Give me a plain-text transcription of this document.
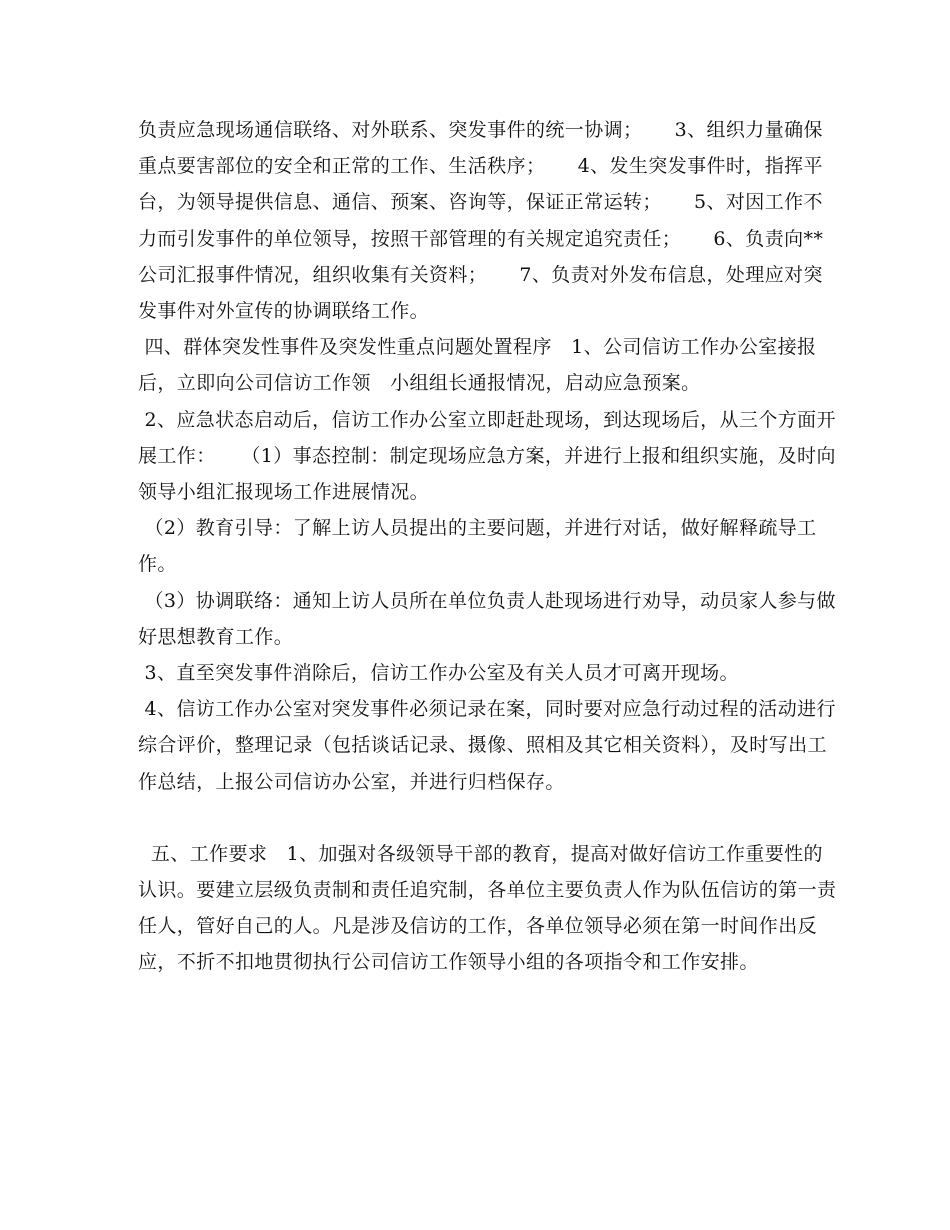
负责应急现场通信联络、对外联系、突发事件的统一协调；     3、组织力量确保重点要害部位的安全和正常的工作、生活秩序；     4、发生突发事件时，指挥平台，为领导提供信息、通信、预案、咨询等，保证正常运转；     5、对因工作不力而引发事件的单位领导，按照干部管理的有关规定追究责任；     6、负责向**公司汇报事件情况，组织收集有关资料；     7、负责对外发布信息，处理应对突发事件对外宣传的协调联络工作。

四、群体突发性事件及突发性重点问题处置程序   1、公司信访工作办公室接报后，立即向公司信访工作领   小组组长通报情况，启动应急预案。

2、应急状态启动后，信访工作办公室立即赶赴现场，到达现场后，从三个方面开展工作：    （1）事态控制：制定现场应急方案，并进行上报和组织实施，及时向领导小组汇报现场工作进展情况。

（2）教育引导：了解上访人员提出的主要问题，并进行对话，做好解释疏导工作。

（3）协调联络：通知上访人员所在单位负责人赴现场进行劝导，动员家人参与做好思想教育工作。

3、直至突发事件消除后，信访工作办公室及有关人员才可离开现场。

4、信访工作办公室对突发事件必须记录在案，同时要对应急行动过程的活动进行综合评价，整理记录（包括谈话记录、摄像、照相及其它相关资料），及时写出工作总结，上报公司信访办公室，并进行归档保存。

五、工作要求   1、加强对各级领导干部的教育，提高对做好信访工作重要性的认识。要建立层级负责制和责任追究制，各单位主要负责人作为队伍信访的第一责任人，管好自己的人。凡是涉及信访的工作，各单位领导必须在第一时间作出反应，不折不扣地贯彻执行公司信访工作领导小组的各项指令和工作安排。
